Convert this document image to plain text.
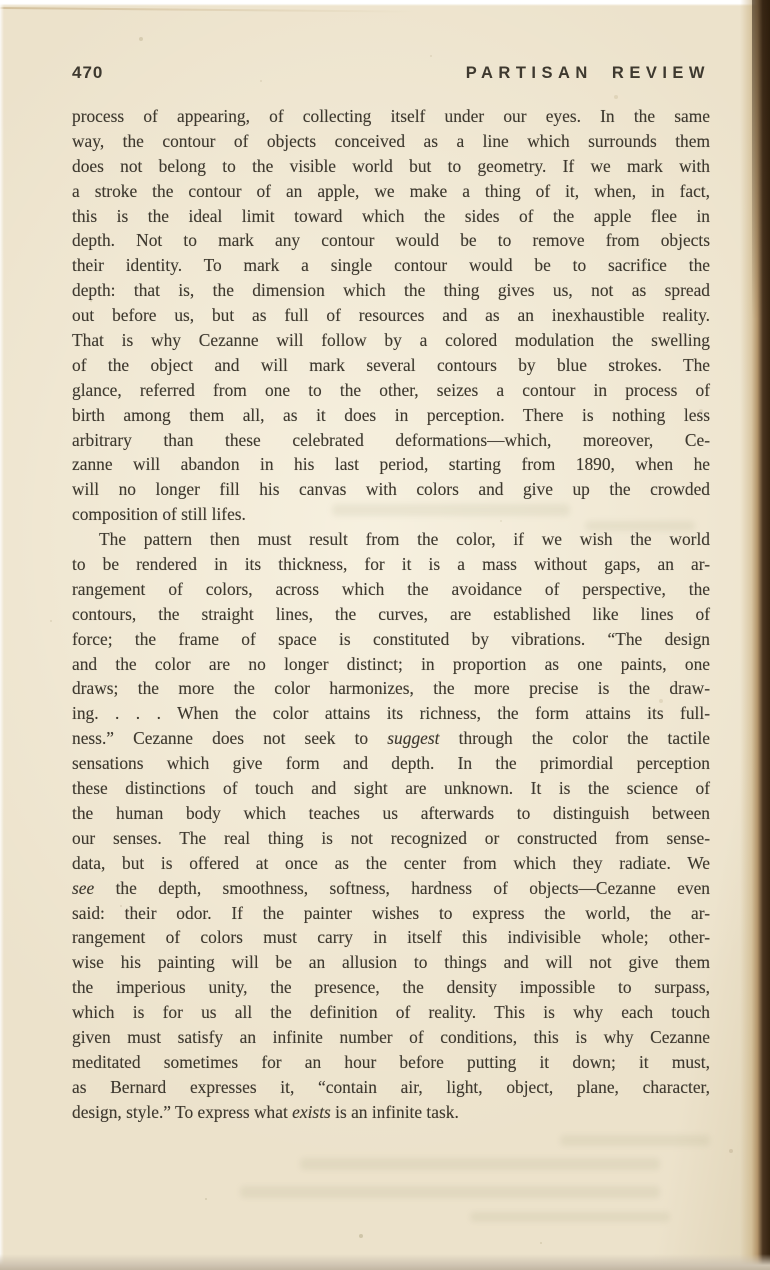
470	PARTISAN REVIEW
process of appearing, of collecting itself under our eyes. In the same
way, the contour of objects conceived as a line which surrounds them
does not belong to the visible world but to geometry. If we mark with
a stroke the contour of an apple, we make a thing of it, when, in fact,
this is the ideal limit toward which the sides of the apple flee in
depth. Not to mark any contour would be to remove from objects
their identity. To mark a single contour would be to sacrifice the
depth: that is, the dimension which the thing gives us, not as spread
out before us, but as full of resources and as an inexhaustible reality.
That is why Cezanne will follow by a colored modulation the swelling
of the object and will mark several contours by blue strokes. The
glance, referred from one to the other, seizes a contour in process of
birth among them all, as it does in perception. There is nothing less
arbitrary than these celebrated deformations—which, moreover, Ce-
zanne will abandon in his last period, starting from 1890, when he
will no longer fill his canvas with colors and give up the crowded
composition of still lifes.
The pattern then must result from the color, if we wish the world
to be rendered in its thickness, for it is a mass without gaps, an ar-
rangement of colors, across which the avoidance of perspective, the
contours, the straight lines, the curves, are established like lines of
force; the frame of space is constituted by vibrations. “The design
and the color are no longer distinct; in proportion as one paints, one
draws; the more the color harmonizes, the more precise is the draw-
ing. . . . When the color attains its richness, the form attains its full-
ness.” Cezanne does not seek to suggest through the color the tactile
sensations which give form and depth. In the primordial perception
these distinctions of touch and sight are unknown. It is the science of
the human body which teaches us afterwards to distinguish between
our senses. The real thing is not recognized or constructed from sense-
data, but is offered at once as the center from which they radiate. We
see the depth, smoothness, softness, hardness of objects—Cezanne even
said: their odor. If the painter wishes to express the world, the ar-
rangement of colors must carry in itself this indivisible whole; other-
wise his painting will be an allusion to things and will not give them
the imperious unity, the presence, the density impossible to surpass,
which is for us all the definition of reality. This is why each touch
given must satisfy an infinite number of conditions, this is why Cezanne
meditated sometimes for an hour before putting it down; it must,
as Bernard expresses it, “contain air, light, object, plane, character,
design, style.” To express what exists is an infinite task.
